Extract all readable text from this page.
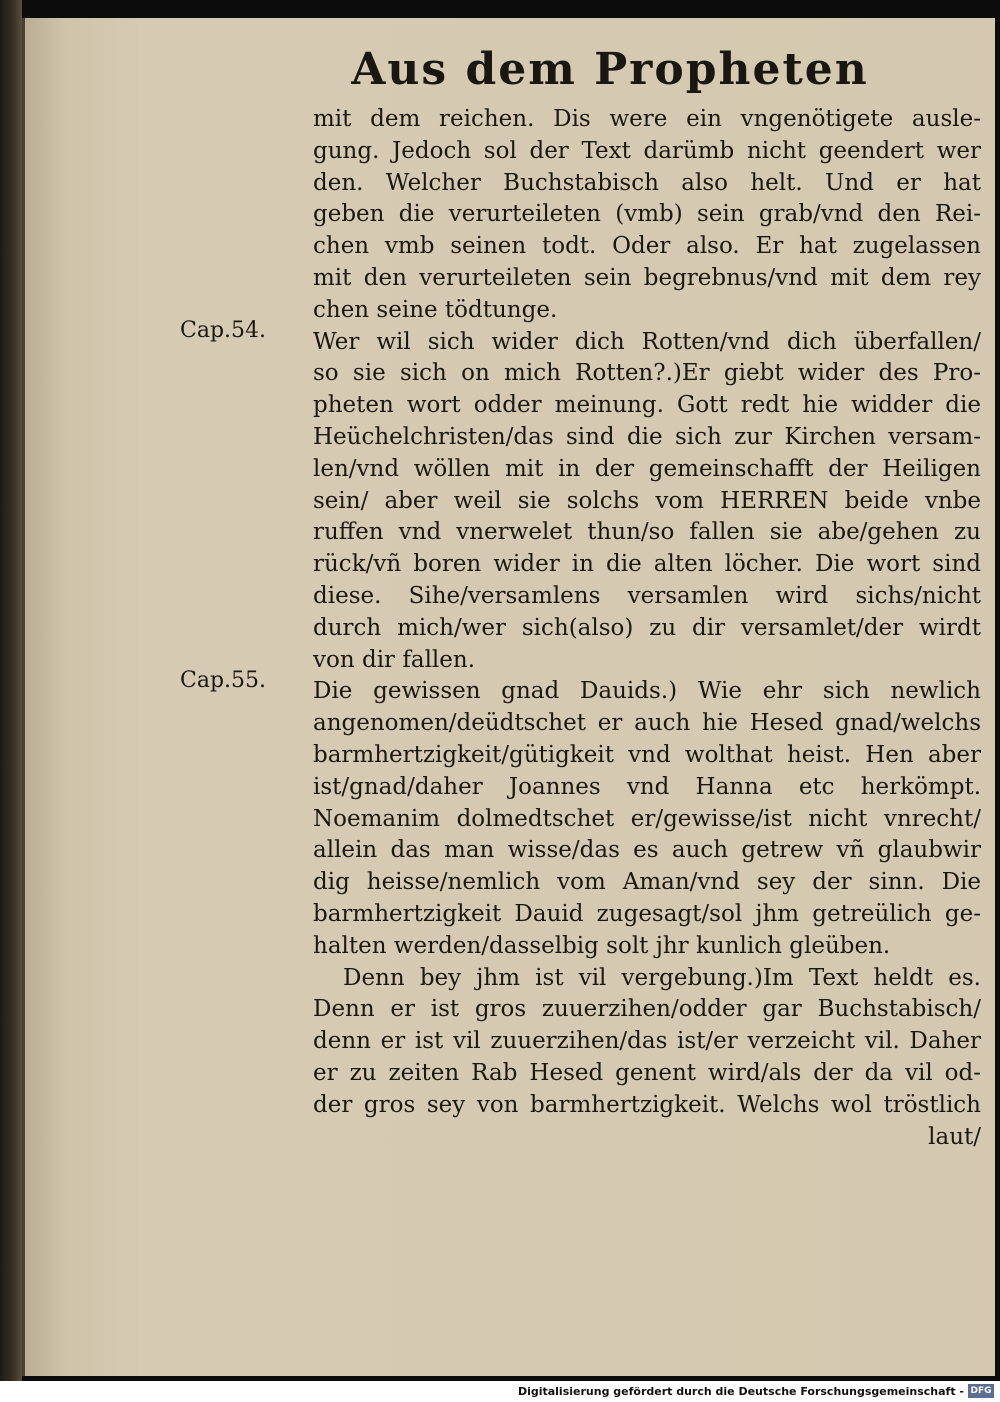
Aus dem Propheten
Cap.54.
Cap.55.
mit dem reichen. Dis were ein vngenötigete ausle-
gung. Jedoch sol der Text darümb nicht geendert wer
den. Welcher Buchstabisch also helt. Und er hat
geben die verurteileten (vmb) sein grab/vnd den Rei-
chen vmb seinen todt. Oder also. Er hat zugelassen
mit den verurteileten sein begrebnus/vnd mit dem rey
chen seine tödtunge.
Wer wil sich wider dich Rotten/vnd dich überfallen/
so sie sich on mich Rotten?.)Er giebt wider des Pro-
pheten wort odder meinung. Gott redt hie widder die
Heüchelchristen/das sind die sich zur Kirchen versam-
len/vnd wöllen mit in der gemeinschafft der Heiligen
sein/ aber weil sie solchs vom HERREN beide vnbe
ruffen vnd vnerwelet thun/so fallen sie abe/gehen zu
rück/vñ boren wider in die alten löcher. Die wort sind
diese. Sihe/versamlens versamlen wird sichs/nicht
durch mich/wer sich(also) zu dir versamlet/der wirdt
von dir fallen.
Die gewissen gnad Dauids.) Wie ehr sich newlich
angenomen/deüdtschet er auch hie Hesed gnad/welchs
barmhertzigkeit/gütigkeit vnd wolthat heist. Hen aber
ist/gnad/daher Joannes vnd Hanna etc herkömpt.
Noemanim dolmedtschet er/gewisse/ist nicht vnrecht/
allein das man wisse/das es auch getrew vñ glaubwir
dig heisse/nemlich vom Aman/vnd sey der sinn. Die
barmhertzigkeit Dauid zugesagt/sol jhm getreülich ge-
halten werden/dasselbig solt jhr kunlich gleüben.
Denn bey jhm ist vil vergebung.)Im Text heldt es.
Denn er ist gros zuuerzihen/odder gar Buchstabisch/
denn er ist vil zuuerzihen/das ist/er verzeicht vil. Daher
er zu zeiten Rab Hesed genent wird/als der da vil od-
der gros sey von barmhertzigkeit. Welchs wol tröstlich
laut/
Digitalisierung gefördert durch die Deutsche Forschungsgemeinschaft - DFG
